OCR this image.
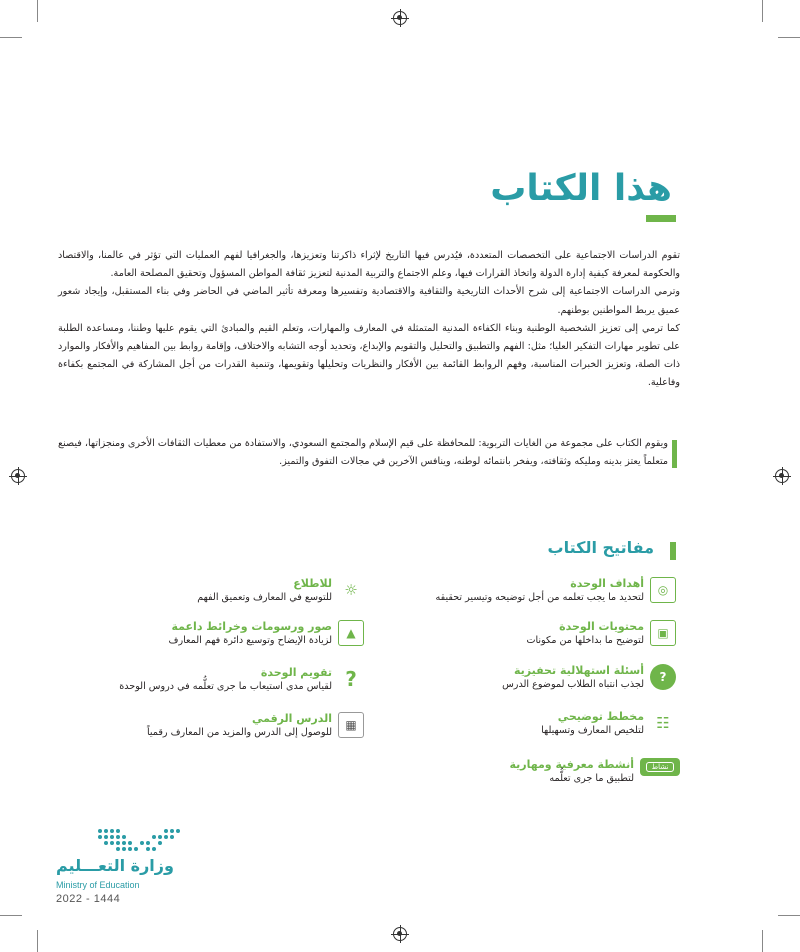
هذا الكتاب

تقوم الدراسات الاجتماعية على التخصصات المتعددة، فيُدرس فيها التاريخ لإثراء ذاكرتنا وتعزيزها، والجغرافيا لفهم العمليات التي تؤثر في عالمنا، والاقتصاد والحكومة لمعرفة كيفية إدارة الدولة واتخاذ القرارات فيها، وعلم الاجتماع والتربية المدنية لتعزيز ثقافة المواطن المسؤول وتحقيق المصلحة العامة.

وترمي الدراسات الاجتماعية إلى شرح الأحداث التاريخية والثقافية والاقتصادية وتفسيرها ومعرفة تأثير الماضي في الحاضر وفي بناء المستقبل، وإيجاد شعور عميق يربط المواطنين بوطنهم.

كما ترمي إلى تعزيز الشخصية الوطنية وبناء الكفاءة المدنية المتمثلة في المعارف والمهارات، وتعلم القيم والمبادئ التي يقوم عليها وطننا، ومساعدة الطلبة على تطوير مهارات التفكير العليا؛ مثل: الفهم والتطبيق والتحليل والتقويم والإبداع، وتحديد أوجه التشابه والاختلاف، وإقامة روابط بين المفاهيم والأفكار والموارد ذات الصلة، وتعزيز الخبرات المناسبة، وفهم الروابط القائمة بين الأفكار والنظريات وتحليلها وتقويمها، وتنمية القدرات من أجل المشاركة في المجتمع بكفاءة وفاعلية.

ويقوم الكتاب على مجموعة من الغايات التربوية: للمحافظة على قيم الإسلام والمجتمع السعودي، والاستفادة من معطيات الثقافات الأخرى ومنجزاتها، فيصنع متعلماً يعتز بدينه ومليكه وثقافته، ويفخر بانتمائه لوطنه، وينافس الآخرين في مجالات التفوق والتميز.

مفاتيح الكتاب
◎
أهداف الوحدة
لتحديد ما يجب تعلمه من أجل توضيحه وتيسير تحقيقه
▣
محتويات الوحدة
لتوضيح ما بداخلها من مكونات
?
أسئلة استهلالية تحفيزية
لجذب انتباه الطلاب لموضوع الدرس
☷
مخطط توضيحي
لتلخيص المعارف وتسهيلها
نشاط
أنشطة معرفية ومهارية
لتطبيق ما جرى تعلُّمه
☼
للاطلاع
للتوسع في المعارف وتعميق الفهم
▲
صور ورسومات وخرائط داعمة
لزيادة الإيضاح وتوسيع دائرة فهم المعارف
?
تقويم الوحدة
لقياس مدى استيعاب ما جرى تعلُّمه في دروس الوحدة
▦
الدرس الرقمي
للوصول إلى الدرس والمزيد من المعارف رقمياً
وزارة التعـــليم
Ministry of Education
2022 - 1444
